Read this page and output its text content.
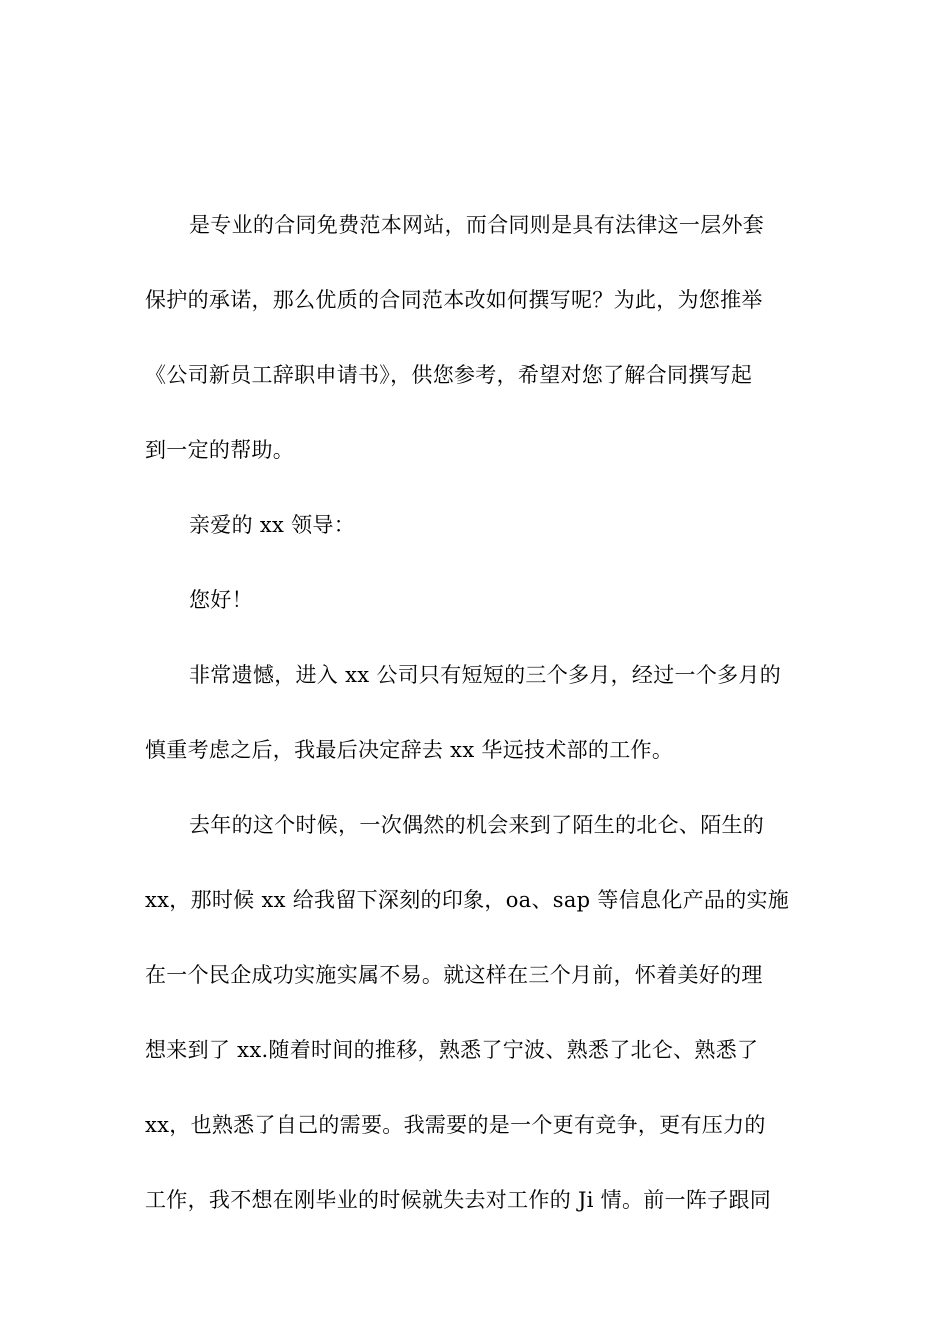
是专业的合同免费范本网站，而合同则是具有法律这一层外套
保护的承诺，那么优质的合同范本改如何撰写呢？为此，为您推举
《公司新员工辞职申请书》，供您参考，希望对您了解合同撰写起
到一定的帮助。
亲爱的 xx 领导：
您好！
非常遗憾，进入 xx 公司只有短短的三个多月，经过一个多月的
慎重考虑之后，我最后决定辞去 xx 华远技术部的工作。
去年的这个时候，一次偶然的机会来到了陌生的北仑、陌生的
xx，那时候 xx 给我留下深刻的印象，oa、sap 等信息化产品的实施
在一个民企成功实施实属不易。就这样在三个月前，怀着美好的理
想来到了 xx.随着时间的推移，熟悉了宁波、熟悉了北仑、熟悉了
xx，也熟悉了自己的需要。我需要的是一个更有竞争，更有压力的
工作，我不想在刚毕业的时候就失去对工作的 Ji 情。前一阵子跟同
